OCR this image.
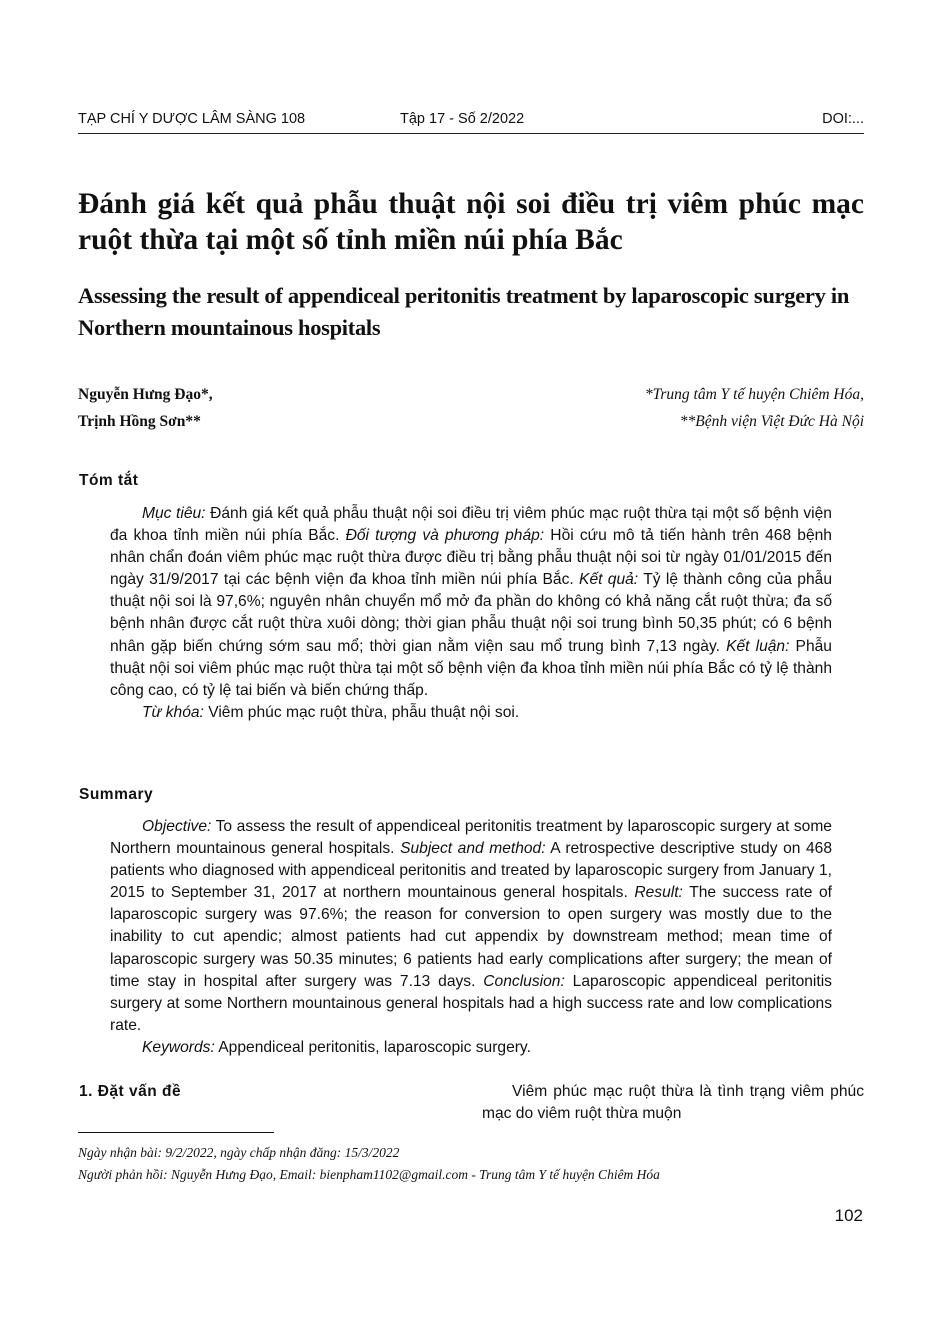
TẠP CHÍ Y DƯỢC LÂM SÀNG 108	Tập 17 - Số 2/2022	DOI:...
Đánh giá kết quả phẫu thuật nội soi điều trị viêm phúc mạc ruột thừa tại một số tỉnh miền núi phía Bắc
Assessing the result of appendiceal peritonitis treatment by laparoscopic surgery in Northern mountainous hospitals
Nguyễn Hưng Đạo*,
Trịnh Hồng Sơn**
*Trung tâm Y tế huyện Chiêm Hóa,
**Bệnh viện Việt Đức Hà Nội
Tóm tắt

Mục tiêu: Đánh giá kết quả phẫu thuật nội soi điều trị viêm phúc mạc ruột thừa tại một số bệnh viện đa khoa tỉnh miền núi phía Bắc. Đối tượng và phương pháp: Hồi cứu mô tả tiến hành trên 468 bệnh nhân chẩn đoán viêm phúc mạc ruột thừa được điều trị bằng phẫu thuật nội soi từ ngày 01/01/2015 đến ngày 31/9/2017 tại các bệnh viện đa khoa tỉnh miền núi phía Bắc. Kết quả: Tỷ lệ thành công của phẫu thuật nội soi là 97,6%; nguyên nhân chuyển mổ mở đa phần do không có khả năng cắt ruột thừa; đa số bệnh nhân được cắt ruột thừa xuôi dòng; thời gian phẫu thuật nội soi trung bình 50,35 phút; có 6 bệnh nhân gặp biến chứng sớm sau mổ; thời gian nằm viện sau mổ trung bình 7,13 ngày. Kết luận: Phẫu thuật nội soi viêm phúc mạc ruột thừa tại một số bệnh viện đa khoa tỉnh miền núi phía Bắc có tỷ lệ thành công cao, có tỷ lệ tai biến và biến chứng thấp.

Từ khóa: Viêm phúc mạc ruột thừa, phẫu thuật nội soi.

Summary

Objective: To assess the result of appendiceal peritonitis treatment by laparoscopic surgery at some Northern mountainous general hospitals. Subject and method: A retrospective descriptive study on 468 patients who diagnosed with appendiceal peritonitis and treated by laparoscopic surgery from January 1, 2015 to September 31, 2017 at northern mountainous general hospitals. Result: The success rate of laparoscopic surgery was 97.6%; the reason for conversion to open surgery was mostly due to the inability to cut apendic; almost patients had cut appendix by downstream method; mean time of laparoscopic surgery was 50.35 minutes; 6 patients had early complications after surgery; the mean of time stay in hospital after surgery was 7.13 days. Conclusion: Laparoscopic appendiceal peritonitis surgery at some Northern mountainous general hospitals had a high success rate and low complications rate.

Keywords: Appendiceal peritonitis, laparoscopic surgery.

1. Đặt vấn đề	Viêm phúc mạc ruột thừa là tình trạng viêm phúc mạc do viêm ruột thừa muộn
Ngày nhận bài: 9/2/2022, ngày chấp nhận đăng: 15/3/2022
Người phản hồi: Nguyễn Hưng Đạo, Email: bienpham1102@gmail.com - Trung tâm Y tế huyện Chiêm Hóa
102
